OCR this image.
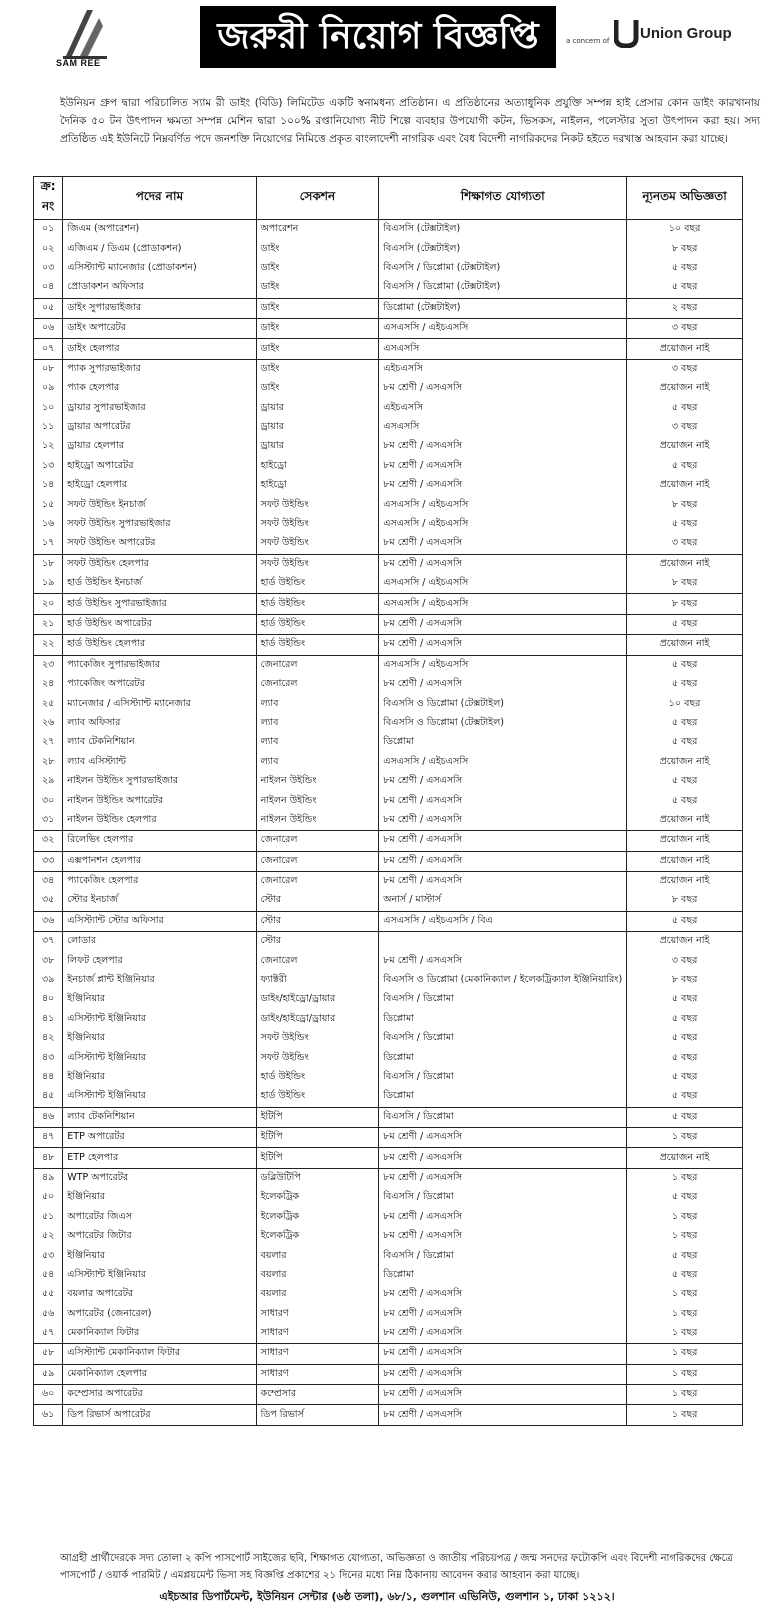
SAM REE
জরুরী নিয়োগ বিজ্ঞপ্তি	a concern of Union Group
ইউনিয়ন গ্রুপ দ্বারা পরিচালিত স্যাম রী ডাইং (বিডি) লিমিটেড একটি স্বনামধন্য প্রতিষ্ঠান। এ প্রতিষ্ঠানের অত্যাধুনিক প্রযুক্তি সম্পন্ন হাই প্রেসার কোন ডাইং কারখানায় দৈনিক ৫০ টন উৎপাদন ক্ষমতা সম্পন্ন মেশিন দ্বারা ১০০% রপ্তানিযোগ্য নীট শিল্পে ব্যবহার উপযোগী কটন, ভিসকস, নাইলন, পলেস্টার সুতা উৎপাদন করা হয়। সদ্য প্রতিষ্ঠিত এই ইউনিটে নিম্নবর্ণিত পদে জনশক্তি নিয়োগের নিমিত্তে প্রকৃত বাংলাদেশী নাগরিক এবং বৈধ বিদেশী নাগরিকদের নিকট হইতে দরখাস্ত আহবান করা যাচ্ছে।
ক্র: নং	পদের নাম	সেকশন	শিক্ষাগত যোগ্যতা	ন্যূনতম অভিজ্ঞতা
০১	জিএম (অপারেশন)	অপারেশন	বিএসসি (টেক্সটাইল)	১০ বছর
০২	এজিএম / ডিএম (প্রোডাকশন)	ডাইং	বিএসসি (টেক্সটাইল)	৮ বছর
০৩	এসিস্ট্যান্ট ম্যানেজার (প্রোডাকশন)	ডাইং	বিএসসি / ডিপ্লোমা (টেক্সটাইল)	৫ বছর
০৪	প্রোডাকশন অফিসার	ডাইং	বিএসসি / ডিপ্লোমা (টেক্সটাইল)	৫ বছর
০৫	ডাইং সুপারভাইজার	ডাইং	ডিপ্লোমা (টেক্সটাইল)	২ বছর
০৬	ডাইং অপারেটর	ডাইং	এসএসসি / এইচএসসি	৩ বছর
০৭	ডাইং হেলপার	ডাইং	এসএসসি	প্রয়োজন নাই
০৮	প্যাক সুপারভাইজার	ডাইং	এইচএসসি	৩ বছর
০৯	প্যাক হেলপার	ডাইং	৮ম শ্রেণী / এসএসসি	প্রয়োজন নাই
১০	ড্রায়ার সুপারভাইজার	ড্রায়ার	এইচএসসি	৫ বছর
১১	ড্রায়ার অপারেটর	ড্রায়ার	এসএসসি	৩ বছর
১২	ড্রায়ার হেলপার	ড্রায়ার	৮ম শ্রেণী / এসএসসি	প্রয়োজন নাই
১৩	হাইড্রো অপারেটর	হাইড্রো	৮ম শ্রেণী / এসএসসি	৫ বছর
১৪	হাইড্রো হেলপার	হাইড্রো	৮ম শ্রেণী / এসএসসি	প্রয়োজন নাই
১৫	সফট উইন্ডিং ইনচার্জ	সফট উইন্ডিং	এসএসসি / এইচএসসি	৮ বছর
১৬	সফট উইন্ডিং সুপারভাইজার	সফট উইন্ডিং	এসএসসি / এইচএসসি	৫ বছর
১৭	সফট উইন্ডিং অপারেটর	সফট উইন্ডিং	৮ম শ্রেণী / এসএসসি	৩ বছর
১৮	সফট উইন্ডিং হেলপার	সফট উইন্ডিং	৮ম শ্রেণী / এসএসসি	প্রয়োজন নাই
১৯	হার্ড উইন্ডিং ইনচার্জ	হার্ড উইন্ডিং	এসএসসি / এইচএসসি	৮ বছর
২০	হার্ড উইন্ডিং সুপারভাইজার	হার্ড উইন্ডিং	এসএসসি / এইচএসসি	৮ বছর
২১	হার্ড উইন্ডিং অপারেটর	হার্ড উইন্ডিং	৮ম শ্রেণী / এসএসসি	৫ বছর
২২	হার্ড উইন্ডিং হেলপার	হার্ড উইন্ডিং	৮ম শ্রেণী / এসএসসি	প্রয়োজন নাই
২৩	প্যাকেজিং সুপারভাইজার	জেনারেল	এসএসসি / এইচএসসি	৫ বছর
২৪	প্যাকেজিং অপারেটর	জেনারেল	৮ম শ্রেণী / এসএসসি	৫ বছর
২৫	ম্যানেজার / এসিস্ট্যান্ট ম্যানেজার	ল্যাব	বিএসসি ও ডিপ্লোমা (টেক্সটাইল)	১০ বছর
২৬	ল্যাব অফিসার	ল্যাব	বিএসসি ও ডিপ্লোমা (টেক্সটাইল)	৫ বছর
২৭	ল্যাব টেকনিশিয়ান	ল্যাব	ডিপ্লোমা	৫ বছর
২৮	ল্যাব এসিস্ট্যান্ট	ল্যাব	এসএসসি / এইচএসসি	প্রয়োজন নাই
২৯	নাইলন উইন্ডিং সুপারভাইজার	নাইলন উইন্ডিং	৮ম শ্রেণী / এসএসসি	৫ বছর
৩০	নাইলন উইন্ডিং অপারেটর	নাইলন উইন্ডিং	৮ম শ্রেণী / এসএসসি	৫ বছর
৩১	নাইলন উইন্ডিং হেলপার	নাইলন উইন্ডিং	৮ম শ্রেণী / এসএসসি	প্রয়োজন নাই
৩২	রিলেভিং হেলপার	জেনারেল	৮ম শ্রেণী / এসএসসি	প্রয়োজন নাই
৩৩	এক্সপানশন হেলপার	জেনারেল	৮ম শ্রেণী / এসএসসি	প্রয়োজন নাই
৩৪	প্যাকেজিং হেলপার	জেনারেল	৮ম শ্রেণী / এসএসসি	প্রয়োজন নাই
৩৫	স্টোর ইনচার্জ	স্টোর	অনার্স / মাস্টার্স	৮ বছর
৩৬	এসিস্ট্যান্ট স্টোর অফিসার	স্টোর	এসএসসি / এইচএসসি / বিএ	৫ বছর
৩৭	লোডার	স্টোর		প্রয়োজন নাই
৩৮	লিফট হেলপার	জেনারেল	৮ম শ্রেণী / এসএসসি	৩ বছর
৩৯	ইনচার্জ প্লান্ট ইঞ্জিনিয়ার	ফ্যাক্টরী	বিএসসি ও ডিপ্লোমা (মেকানিক্যাল / ইলেকট্রিক্যাল ইঞ্জিনিয়ারিং)	৮ বছর
৪০	ইঞ্জিনিয়ার	ডাইং/হাইড্রো/ড্রায়ার	বিএসসি / ডিপ্লোমা	৫ বছর
৪১	এসিস্ট্যান্ট ইঞ্জিনিয়ার	ডাইং/হাইড্রো/ড্রায়ার	ডিপ্লোমা	৫ বছর
৪২	ইঞ্জিনিয়ার	সফট উইন্ডিং	বিএসসি / ডিপ্লোমা	৫ বছর
৪৩	এসিস্ট্যান্ট ইঞ্জিনিয়ার	সফট উইন্ডিং	ডিপ্লোমা	৫ বছর
৪৪	ইঞ্জিনিয়ার	হার্ড উইন্ডিং	বিএসসি / ডিপ্লোমা	৫ বছর
৪৫	এসিস্ট্যান্ট ইঞ্জিনিয়ার	হার্ড উইন্ডিং	ডিপ্লোমা	৫ বছর
৪৬	ল্যাব টেকনিশিয়ান	ইটিপি	বিএসসি / ডিপ্লোমা	৫ বছর
৪৭	ETP অপারেটর	ইটিপি	৮ম শ্রেণী / এসএসসি	১ বছর
৪৮	ETP হেলপার	ইটিপি	৮ম শ্রেণী / এসএসসি	প্রয়োজন নাই
৪৯	WTP অপারেটর	ডব্লিউটিপি	৮ম শ্রেণী / এসএসসি	১ বছর
৫০	ইঞ্জিনিয়ার	ইলেকট্রিক	বিএসসি / ডিপ্লোমা	৫ বছর
৫১	অপারেটর জিএস	ইলেকট্রিক	৮ম শ্রেণী / এসএসসি	১ বছর
৫২	অপারেটর জিটার	ইলেকট্রিক	৮ম শ্রেণী / এসএসসি	১ বছর
৫৩	ইঞ্জিনিয়ার	বয়লার	বিএসসি / ডিপ্লোমা	৫ বছর
৫৪	এসিস্ট্যান্ট ইঞ্জিনিয়ার	বয়লার	ডিপ্লোমা	৫ বছর
৫৫	বয়লার অপারেটর	বয়লার	৮ম শ্রেণী / এসএসসি	১ বছর
৫৬	অপারেটর (জেনারেল)	সাধারণ	৮ম শ্রেণী / এসএসসি	১ বছর
৫৭	মেকানিক্যাল ফিটার	সাধারণ	৮ম শ্রেণী / এসএসসি	১ বছর
৫৮	এসিস্ট্যান্ট মেকানিক্যাল ফিটার	সাধারণ	৮ম শ্রেণী / এসএসসি	১ বছর
৫৯	মেকানিক্যাল হেলপার	সাধারণ	৮ম শ্রেণী / এসএসসি	১ বছর
৬০	কম্প্রেসার অপারেটর	কম্প্রেসার	৮ম শ্রেণী / এসএসসি	১ বছর
৬১	ডিপ রিভার্স অপারেটর	ডিপ রিভার্স	৮ম শ্রেণী / এসএসসি	১ বছর
আগ্রহী প্রার্থীদেরকে সদ্য তোলা ২ কপি পাসপোর্ট সাইজের ছবি, শিক্ষাগত যোগ্যতা, অভিজ্ঞতা ও জাতীয় পরিচয়পত্র / জন্ম সনদের ফটোকপি এবং বিদেশী নাগরিকদের ক্ষেত্রে পাসপোর্ট / ওয়ার্ক পারমিট / এমপ্লয়মেন্ট ভিসা সহ বিজ্ঞপ্তি প্রকাশের ২১ দিনের মধ্যে নিম্ন ঠিকানায় আবেদন করার আহবান করা যাচ্ছে।
এইচআর ডিপার্টমেন্ট, ইউনিয়ন সেন্টার (৬ষ্ঠ তলা), ৬৮/১, গুলশান এভিনিউ, গুলশান ১, ঢাকা ১২১২।
